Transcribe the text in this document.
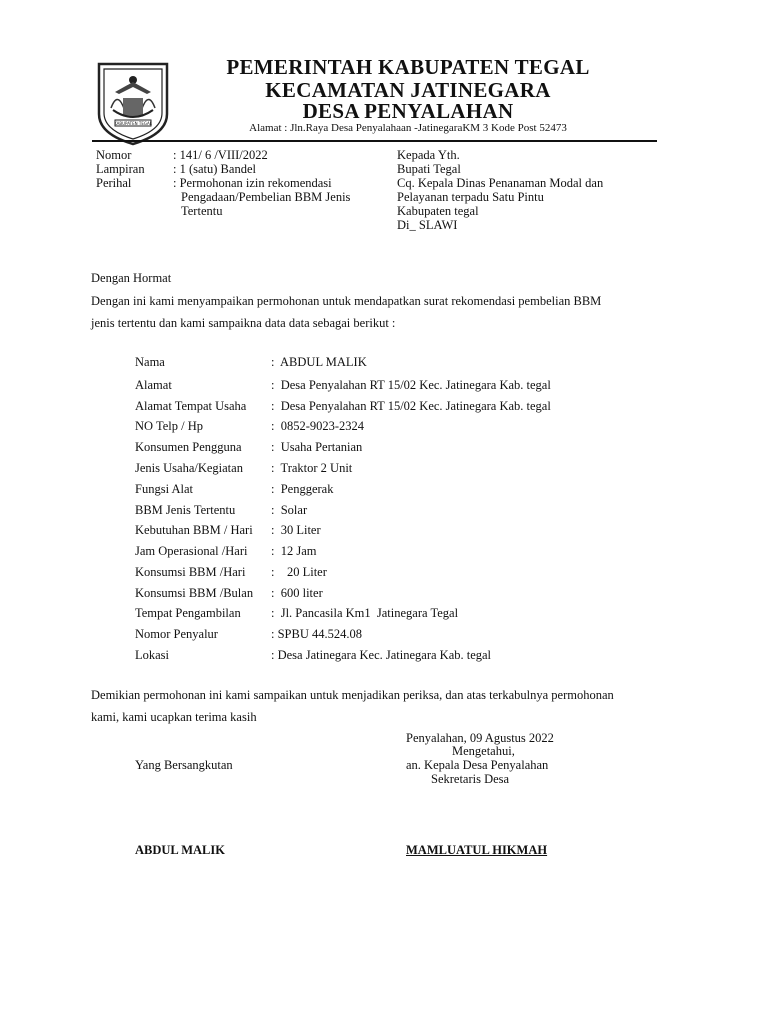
KABUPATEN TEGAL
PEMERINTAH KABUPATEN TEGAL
KECAMATAN JATINEGARA
DESA PENYALAHAN
Alamat : Jln.Raya Desa Penyalahaan -JatinegaraKM 3 Kode Post 52473
Nomor	: 141/ 6 /VIII/2022
Lampiran : 1 (satu) Bandel
Perihal	: Permohonan izin rekomendasi
Pengadaan/Pembelian BBM Jenis
Tertentu
Kepada Yth.
Bupati Tegal
Cq. Kepala Dinas Penanaman Modal dan
Pelayanan terpadu Satu Pintu
Kabupaten tegal
Di_ SLAWI
Dengan Hormat
Dengan ini kami menyampaikan permohonan untuk mendapatkan surat rekomendasi pembelian BBM
jenis tertentu dan kami sampaikna data data sebagai berikut :
Nama	:  ABDUL MALIK
Alamat	:  Desa Penyalahan RT 15/02 Kec. Jatinegara Kab. tegal
Alamat Tempat Usaha :  Desa Penyalahan RT 15/02 Kec. Jatinegara Kab. tegal
NO Telp / Hp	:  0852-9023-2324
Konsumen Pengguna :  Usaha Pertanian
Jenis Usaha/Kegiatan :  Traktor 2 Unit
Fungsi Alat	:  Penggerak
BBM Jenis Tertentu	:  Solar
Kebutuhan BBM / Hari :  30 Liter
Jam Operasional /Hari :  12 Jam
Konsumsi BBM /Hari :    20 Liter
Konsumsi BBM /Bulan :  600 liter
Tempat Pengambilan :  Jl. Pancasila Km1  Jatinegara Tegal
Nomor Penyalur	: SPBU 44.524.08
Lokasi	: Desa Jatinegara Kec. Jatinegara Kab. tegal
Demikian permohonan ini kami sampaikan untuk menjadikan periksa, dan atas terkabulnya permohonan
kami, kami ucapkan terima kasih
Penyalahan, 09 Agustus 2022
Mengetahui,
an. Kepala Desa Penyalahan
Sekretaris Desa
Yang Bersangkutan
ABDUL MALIK	MAMLUATUL HIKMAH
